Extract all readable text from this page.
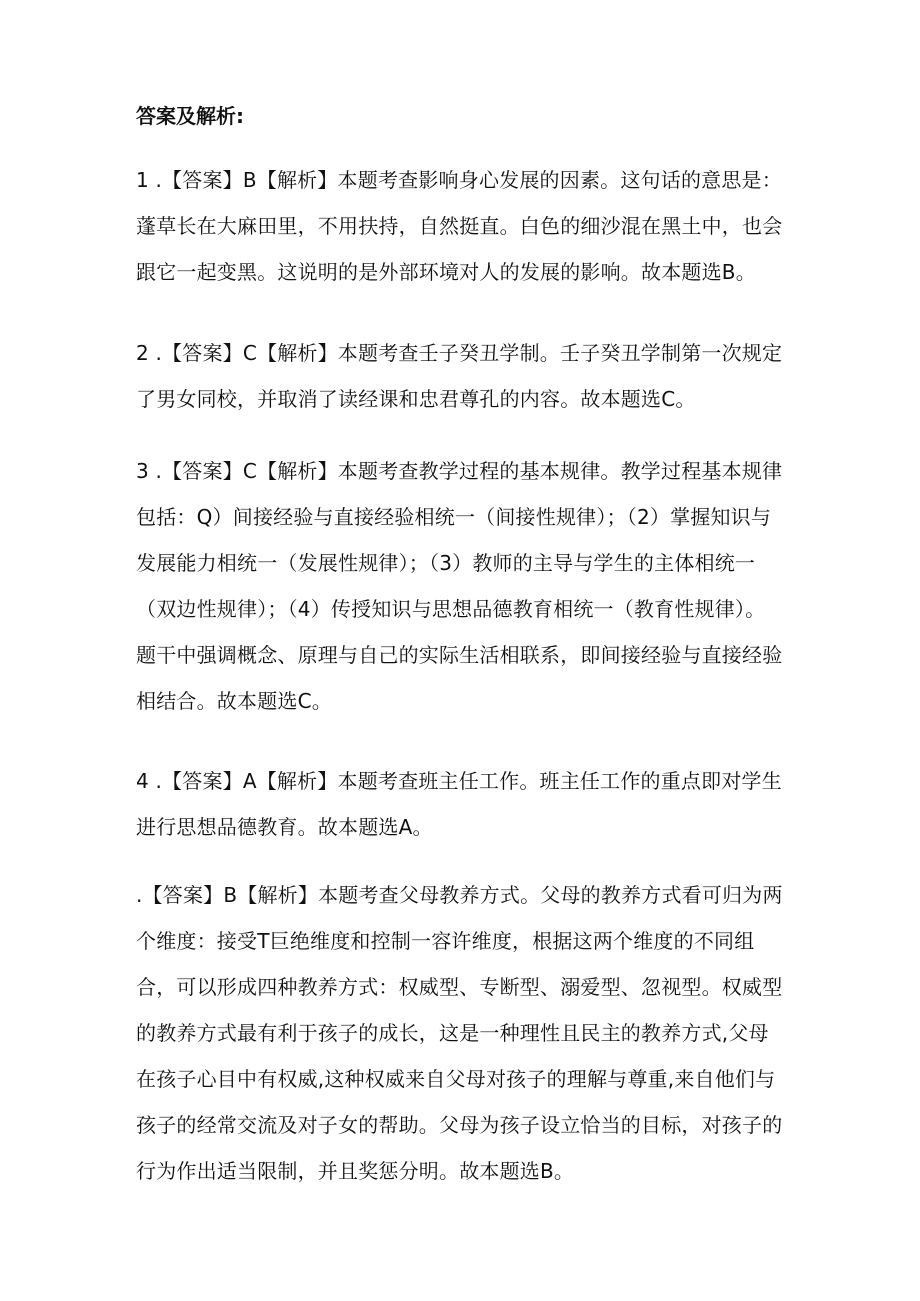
答案及解析:
1 .【答案】B【解析】本题考查影响身心发展的因素。这句话的意思是：
蓬草长在大麻田里，不用扶持，自然挺直。白色的细沙混在黑土中，也会
跟它一起变黑。这说明的是外部环境对人的发展的影响。故本题选B。
2 .【答案】C【解析】本题考查壬子癸丑学制。壬子癸丑学制第一次规定
了男女同校，并取消了读经课和忠君尊孔的内容。故本题选C。
3 .【答案】C【解析】本题考查教学过程的基本规律。教学过程基本规律
包括：Q）间接经验与直接经验相统一（间接性规律）；（2）掌握知识与
发展能力相统一（发展性规律）；（3）教师的主导与学生的主体相统一
（双边性规律）；（4）传授知识与思想品德教育相统一（教育性规律）。
题干中强调概念、原理与自己的实际生活相联系，即间接经验与直接经验
相结合。故本题选C。
4 .【答案】A【解析】本题考查班主任工作。班主任工作的重点即对学生
进行思想品德教育。故本题选A。
.【答案】B【解析】本题考查父母教养方式。父母的教养方式看可归为两
个维度：接受T巨绝维度和控制一容许维度，根据这两个维度的不同组
合，可以形成四种教养方式：权威型、专断型、溺爱型、忽视型。权威型
的教养方式最有利于孩子的成长，这是一种理性且民主的教养方式,父母
在孩子心目中有权威,这种权威来自父母对孩子的理解与尊重,来自他们与
孩子的经常交流及对子女的帮助。父母为孩子设立恰当的目标，对孩子的
行为作出适当限制，并且奖惩分明。故本题选B。
